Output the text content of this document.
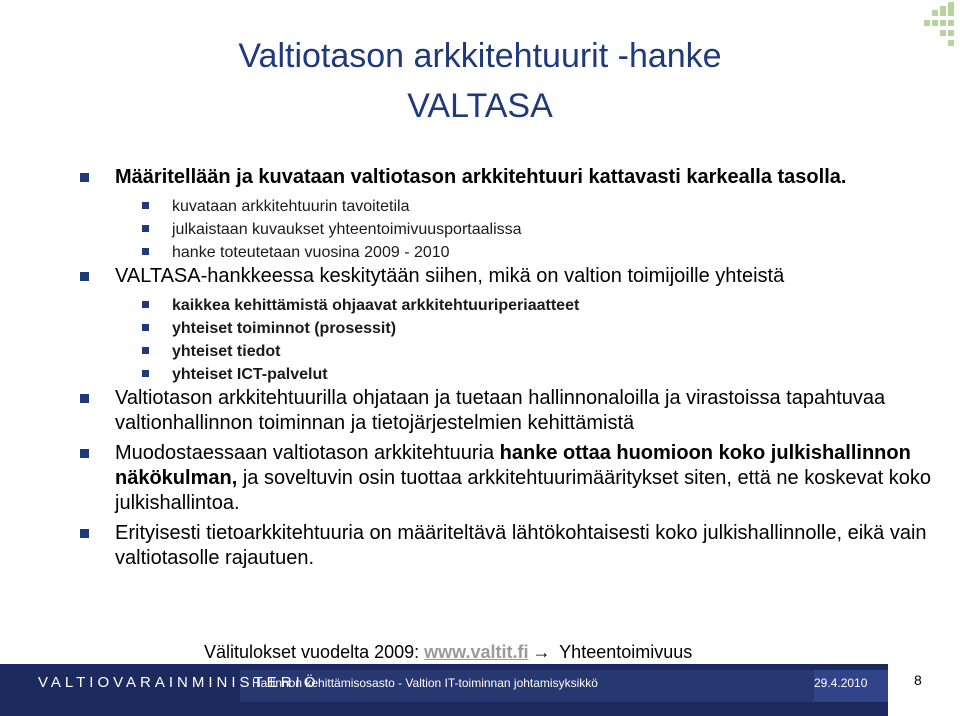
Valtiotason arkkitehtuurit -hanke
VALTASA
Määritellään ja kuvataan valtiotason arkkitehtuuri kattavasti karkealla tasolla.
kuvataan arkkitehtuurin tavoitetila
julkaistaan kuvaukset yhteentoimivuusportaalissa
hanke toteutetaan vuosina 2009 - 2010
VALTASA-hankkeessa keskitytään siihen, mikä on valtion toimijoille yhteistä
kaikkea kehittämistä ohjaavat arkkitehtuuriperiaatteet
yhteiset toiminnot (prosessit)
yhteiset tiedot
yhteiset ICT-palvelut
Valtiotason arkkitehtuurilla ohjataan ja tuetaan hallinnonaloilla ja virastoissa tapahtuvaa valtionhallinnon toiminnan ja tietojärjestelmien kehittämistä
Muodostaessaan valtiotason arkkitehtuuria hanke ottaa huomioon koko julkishallinnon näkökulman, ja soveltuvin osin tuottaa arkkitehtuurimääritykset siten, että ne koskevat koko julkishallintoa.
Erityisesti tietoarkkitehtuuria on määriteltävä lähtökohtaisesti koko julkishallinnolle, eikä vain valtiotasolle rajautuen.
Välitulokset vuodelta 2009: www.valtit.fi → Yhteentoimivuus
VALTIOVARAINMINISTERIÖ
Hallinnon kehittämisosasto - Valtion IT-toiminnan johtamisyksikkö	29.4.2010	8
